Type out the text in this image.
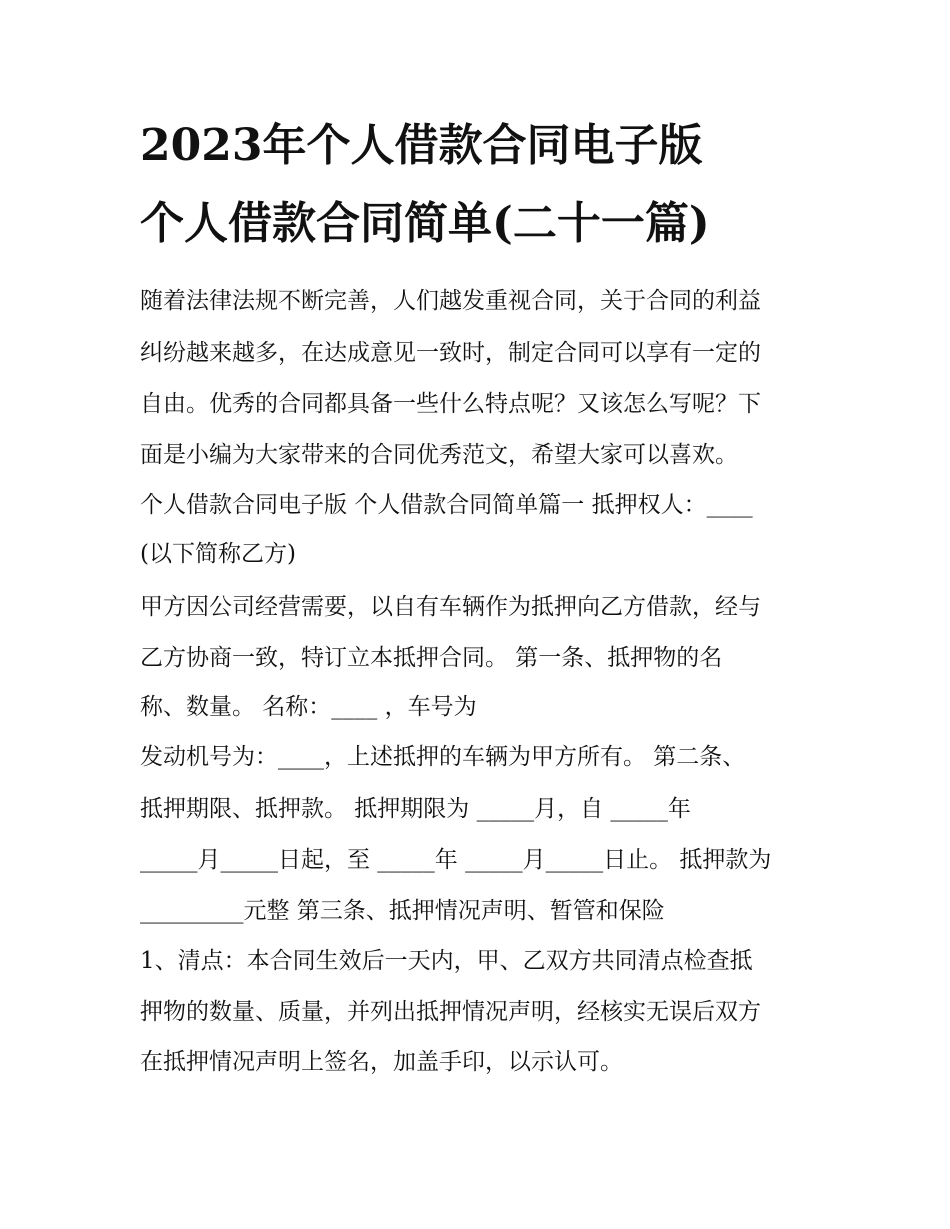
2023年个人借款合同电子版
个人借款合同简单(二十一篇)
随着法律法规不断完善，人们越发重视合同，关于合同的利益
纠纷越来越多，在达成意见一致时，制定合同可以享有一定的
自由。优秀的合同都具备一些什么特点呢？又该怎么写呢？下
面是小编为大家带来的合同优秀范文，希望大家可以喜欢。
个人借款合同电子版 个人借款合同简单篇一 抵押权人：____
(以下简称乙方)
甲方因公司经营需要，以自有车辆作为抵押向乙方借款，经与
乙方协商一致，特订立本抵押合同。 第一条、抵押物的名
称、数量。 名称：____ ，车号为
发动机号为：____，上述抵押的车辆为甲方所有。 第二条、
抵押期限、抵押款。 抵押期限为 _____月，自 _____年
_____月_____日起，至 _____年 _____月_____日止。 抵押款为
_________元整 第三条、抵押情况声明、暂管和保险
1、清点：本合同生效后一天内，甲、乙双方共同清点检查抵
押物的数量、质量，并列出抵押情况声明，经核实无误后双方
在抵押情况声明上签名，加盖手印，以示认可。
